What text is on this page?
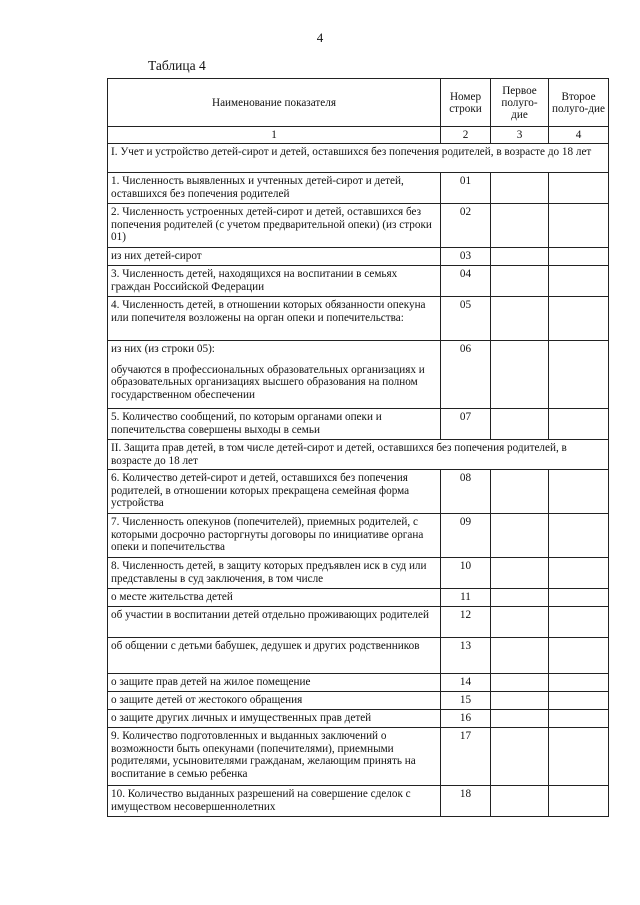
4
Таблица 4
Наименование показателя	Номер строки	Первое полуго-дие	Второе полуго-дие
1	2	3	4
I. Учет и устройство детей-сирот и детей, оставшихся без попечения родителей, в возрасте до 18 лет			
1. Численность выявленных и учтенных детей-сирот и детей, оставшихся без попечения родителей	01		
2. Численность устроенных детей-сирот и детей, оставшихся без попечения родителей (с учетом предварительной опеки) (из строки 01)	02		
из них детей-сирот	03		
3. Численность детей, находящихся на воспитании в семьях граждан Российской Федерации	04		
4. Численность детей, в отношении которых обязанности опекуна или попечителя возложены на орган опеки и попечительства:	05		

из них (из строки 05):
обучаются в профессиональных образовательных организациях и образовательных организациях высшего образования на полном государственном обеспечении	06		
5. Количество сообщений, по которым органами опеки и попечительства совершены выходы в семьи	07		
II. Защита прав детей, в том числе детей-сирот и детей, оставшихся без попечения родителей, в возрасте до 18 лет			
6. Количество детей-сирот и детей, оставшихся без попечения родителей, в отношении которых прекращена семейная форма устройства	08		
7. Численность опекунов (попечителей), приемных родителей, с которыми досрочно расторгнуты договоры по инициативе органа опеки и попечительства	09		
8. Численность детей, в защиту которых предъявлен иск в суд или представлены в суд заключения, в том числе	10		
о месте жительства детей	11		
об участии в воспитании детей отдельно проживающих родителей	12		
об общении с детьми бабушек, дедушек и других родственников	13		
о защите прав детей на жилое помещение	14		
о защите детей от жестокого обращения	15		
о защите других личных и имущественных прав детей	16		
9. Количество подготовленных и выданных заключений о возможности быть опекунами (попечителями), приемными родителями, усыновителями гражданам, желающим принять на воспитание в семью ребенка	17		
10. Количество выданных разрешений на совершение сделок с имуществом несовершеннолетних	18		
